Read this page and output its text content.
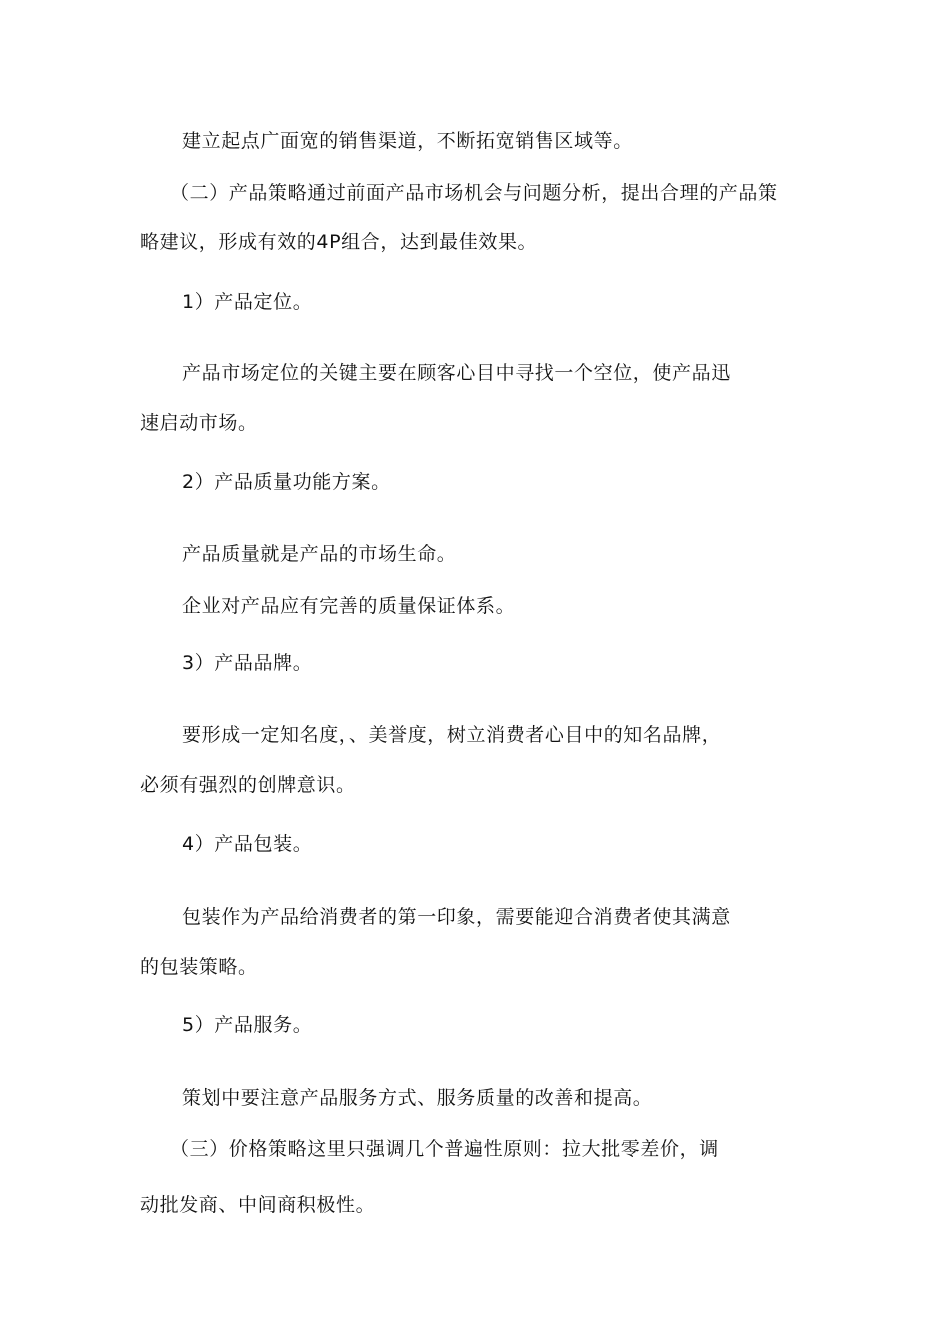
建立起点广面宽的销售渠道，不断拓宽销售区域等。
（二）产品策略通过前面产品市场机会与问题分析，提出合理的产品策
略建议，形成有效的4P组合，达到最佳效果。
1）产品定位。
产品市场定位的关键主要在顾客心目中寻找一个空位，使产品迅
速启动市场。
2）产品质量功能方案。
产品质量就是产品的市场生命。
企业对产品应有完善的质量保证体系。
3）产品品牌。
要形成一定知名度，、美誉度，树立消费者心目中的知名品牌，
必须有强烈的创牌意识。
4）产品包装。
包装作为产品给消费者的第一印象，需要能迎合消费者使其满意
的包装策略。
5）产品服务。
策划中要注意产品服务方式、服务质量的改善和提高。
（三）价格策略这里只强调几个普遍性原则：拉大批零差价，调
动批发商、中间商积极性。
